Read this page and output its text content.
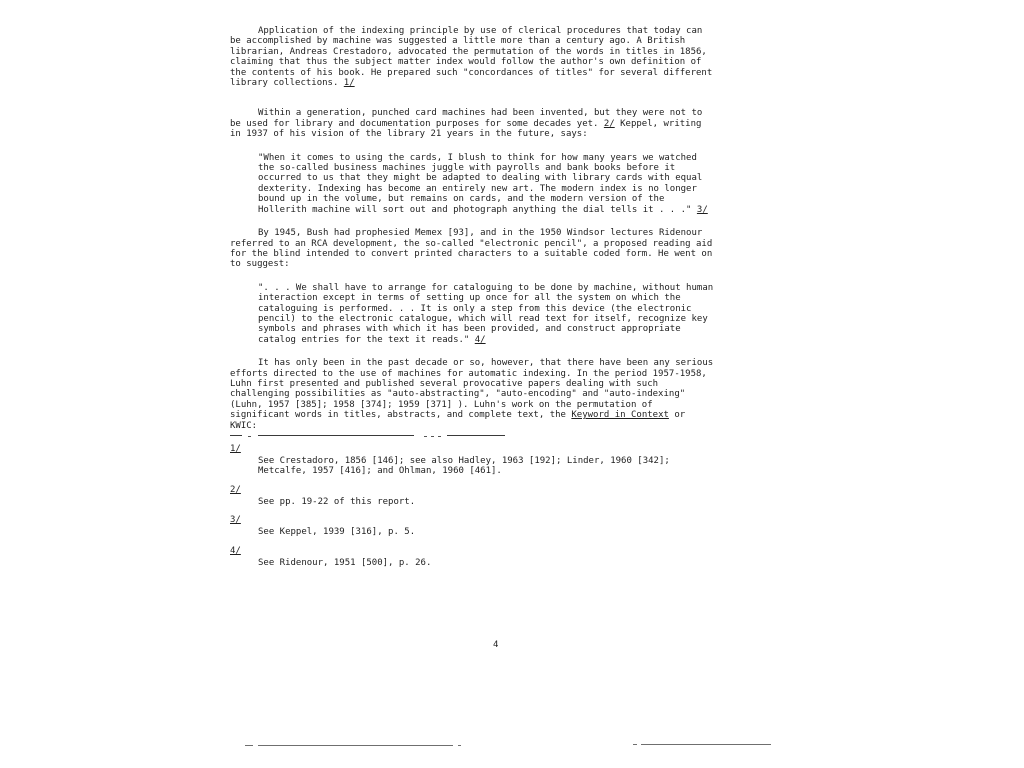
Application of the indexing principle by use of clerical procedures that today can be accomplished by machine was suggested a little more than a century ago. A British librarian, Andreas Crestadoro, advocated the permutation of the words in titles in 1856, claiming that thus the subject matter index would follow the author's own definition of the contents of his book. He prepared such "concordances of titles" for several different library collections. 1/

Within a generation, punched card machines had been invented, but they were not to be used for library and documentation purposes for some decades yet. 2/ Keppel, writing in 1937 of his vision of the library 21 years in the future, says:

"When it comes to using the cards, I blush to think for how many years we watched the so-called business machines juggle with payrolls and bank books before it occurred to us that they might be adapted to dealing with library cards with equal dexterity. Indexing has become an entirely new art. The modern index is no longer bound up in the volume, but remains on cards, and the modern version of the Hollerith machine will sort out and photograph anything the dial tells it . . ." 3/

By 1945, Bush had prophesied Memex [93], and in the 1950 Windsor lectures Ridenour referred to an RCA development, the so-called "electronic pencil", a proposed reading aid for the blind intended to convert printed characters to a suitable coded form. He went on to suggest:

". . . We shall have to arrange for cataloguing to be done by machine, without human interaction except in terms of setting up once for all the system on which the cataloguing is performed. . . It is only a step from this device (the electronic pencil) to the electronic catalogue, which will read text for itself, recognize key symbols and phrases with which it has been provided, and construct appropriate catalog entries for the text it reads." 4/

It has only been in the past decade or so, however, that there have been any serious efforts directed to the use of machines for automatic indexing. In the period 1957-1958, Luhn first presented and published several provocative papers dealing with such challenging possibilities as "auto-abstracting", "auto-encoding" and "auto-indexing" (Luhn, 1957 [385]; 1958 [374]; 1959 [371] ). Luhn's work on the permutation of significant words in titles, abstracts, and complete text, the Keyword in Context or KWIC:

1/
See Crestadoro, 1856 [146]; see also Hadley, 1963 [192]; Linder, 1960 [342]; Metcalfe, 1957 [416]; and Ohlman, 1960 [461].
2/
See pp. 19-22 of this report.
3/
See Keppel, 1939 [316], p. 5.
4/
See Ridenour, 1951 [500], p. 26.
4
